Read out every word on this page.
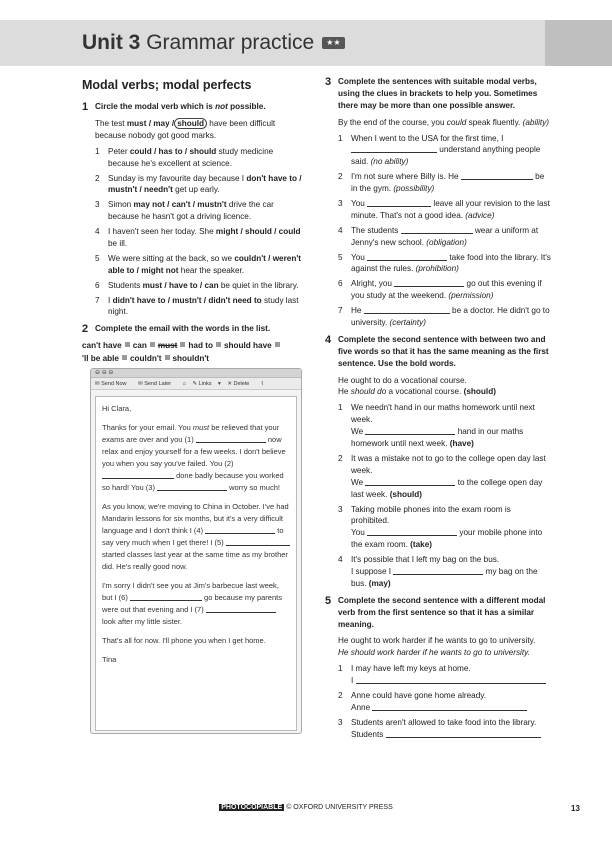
Unit 3 Grammar practice ★★
Modal verbs; modal perfects
1 Circle the modal verb which is not possible.
The test must / may / should have been difficult because nobody got good marks.
1 Peter could / has to / should study medicine because he's excellent at science.
2 Sunday is my favourite day because I don't have to / mustn't / needn't get up early.
3 Simon may not / can't / mustn't drive the car because he hasn't got a driving licence.
4 I haven't seen her today. She might / should / could be ill.
5 We were sitting at the back, so we couldn't / weren't able to / might not hear the speaker.
6 Students must / have to / can be quiet in the library.
7 I didn't have to / mustn't / didn't need to study last night.
2 Complete the email with the words in the list.
can't have can must had to should have
'll be able couldn't shouldn't
⊖ ⊖ ⊖
✉ Send Now ✉ Send Later ⌂ ✎ Links ▾ ✕ Delete ⌇

Hi Clara,

Thanks for your email. You must be relieved that your exams are over and you (1)	now relax and enjoy yourself for a few weeks. I don't believe you when you say you've failed. You (2)  done badly because you worked so hard! You (3)	worry so much!

As you know, we're moving to China in October. I've had Mandarin lessons for six months, but it's a very difficult language and I don't think I (4)	to say very much when I get there! I (5)  started classes last year at the same time as my brother did. He's really good now.

I'm sorry I didn't see you at Jim's barbecue last week, but I (6)	go because my parents were out that evening and I (7)  look after my little sister.

That's all for now. I'll phone you when I get home.

Tina

3 Complete the sentences with suitable modal verbs, using the clues in brackets to help you. Sometimes there may be more than one possible answer.
By the end of the course, you could speak fluently. (ability)
1 When I went to the USA for the first time, I  understand anything people said. (no ability)
2 I'm not sure where Billy is. He	be in the gym. (possibility)
3 You	leave all your revision to the last minute. That's not a good idea. (advice)
4 The students	wear a uniform at Jenny's new school. (obligation)
5 You	take food into the library. It's against the rules. (prohibition)
6 Alright, you	go out this evening if you study at the weekend. (permission)
7 He	be a doctor. He didn't go to university. (certainty)
4 Complete the second sentence with between two and five words so that it has the same meaning as the first sentence. Use the bold words.
He ought to do a vocational course.
He should do a vocational course. (should)
1 We needn't hand in our maths homework until next week.
We	hand in our maths homework until next week. (have)
2 It was a mistake not to go to the college open day last week.
We	to the college open day last week. (should)
3 Taking mobile phones into the exam room is prohibited.
You	your mobile phone into the exam room. (take)
4 It's possible that I left my bag on the bus.
I suppose I	my bag on the bus. (may)
5 Complete the second sentence with a different modal verb from the first sentence so that it has a similar meaning.
He ought to work harder if he wants to go to university.
He should work harder if he wants to go to university.
1 I may have left my keys at home.
I
2 Anne could have gone home already.
Anne
3 Students aren't allowed to take food into the library.
Students
PHOTOCOPIABLE © OXFORD UNIVERSITY PRESS	13
